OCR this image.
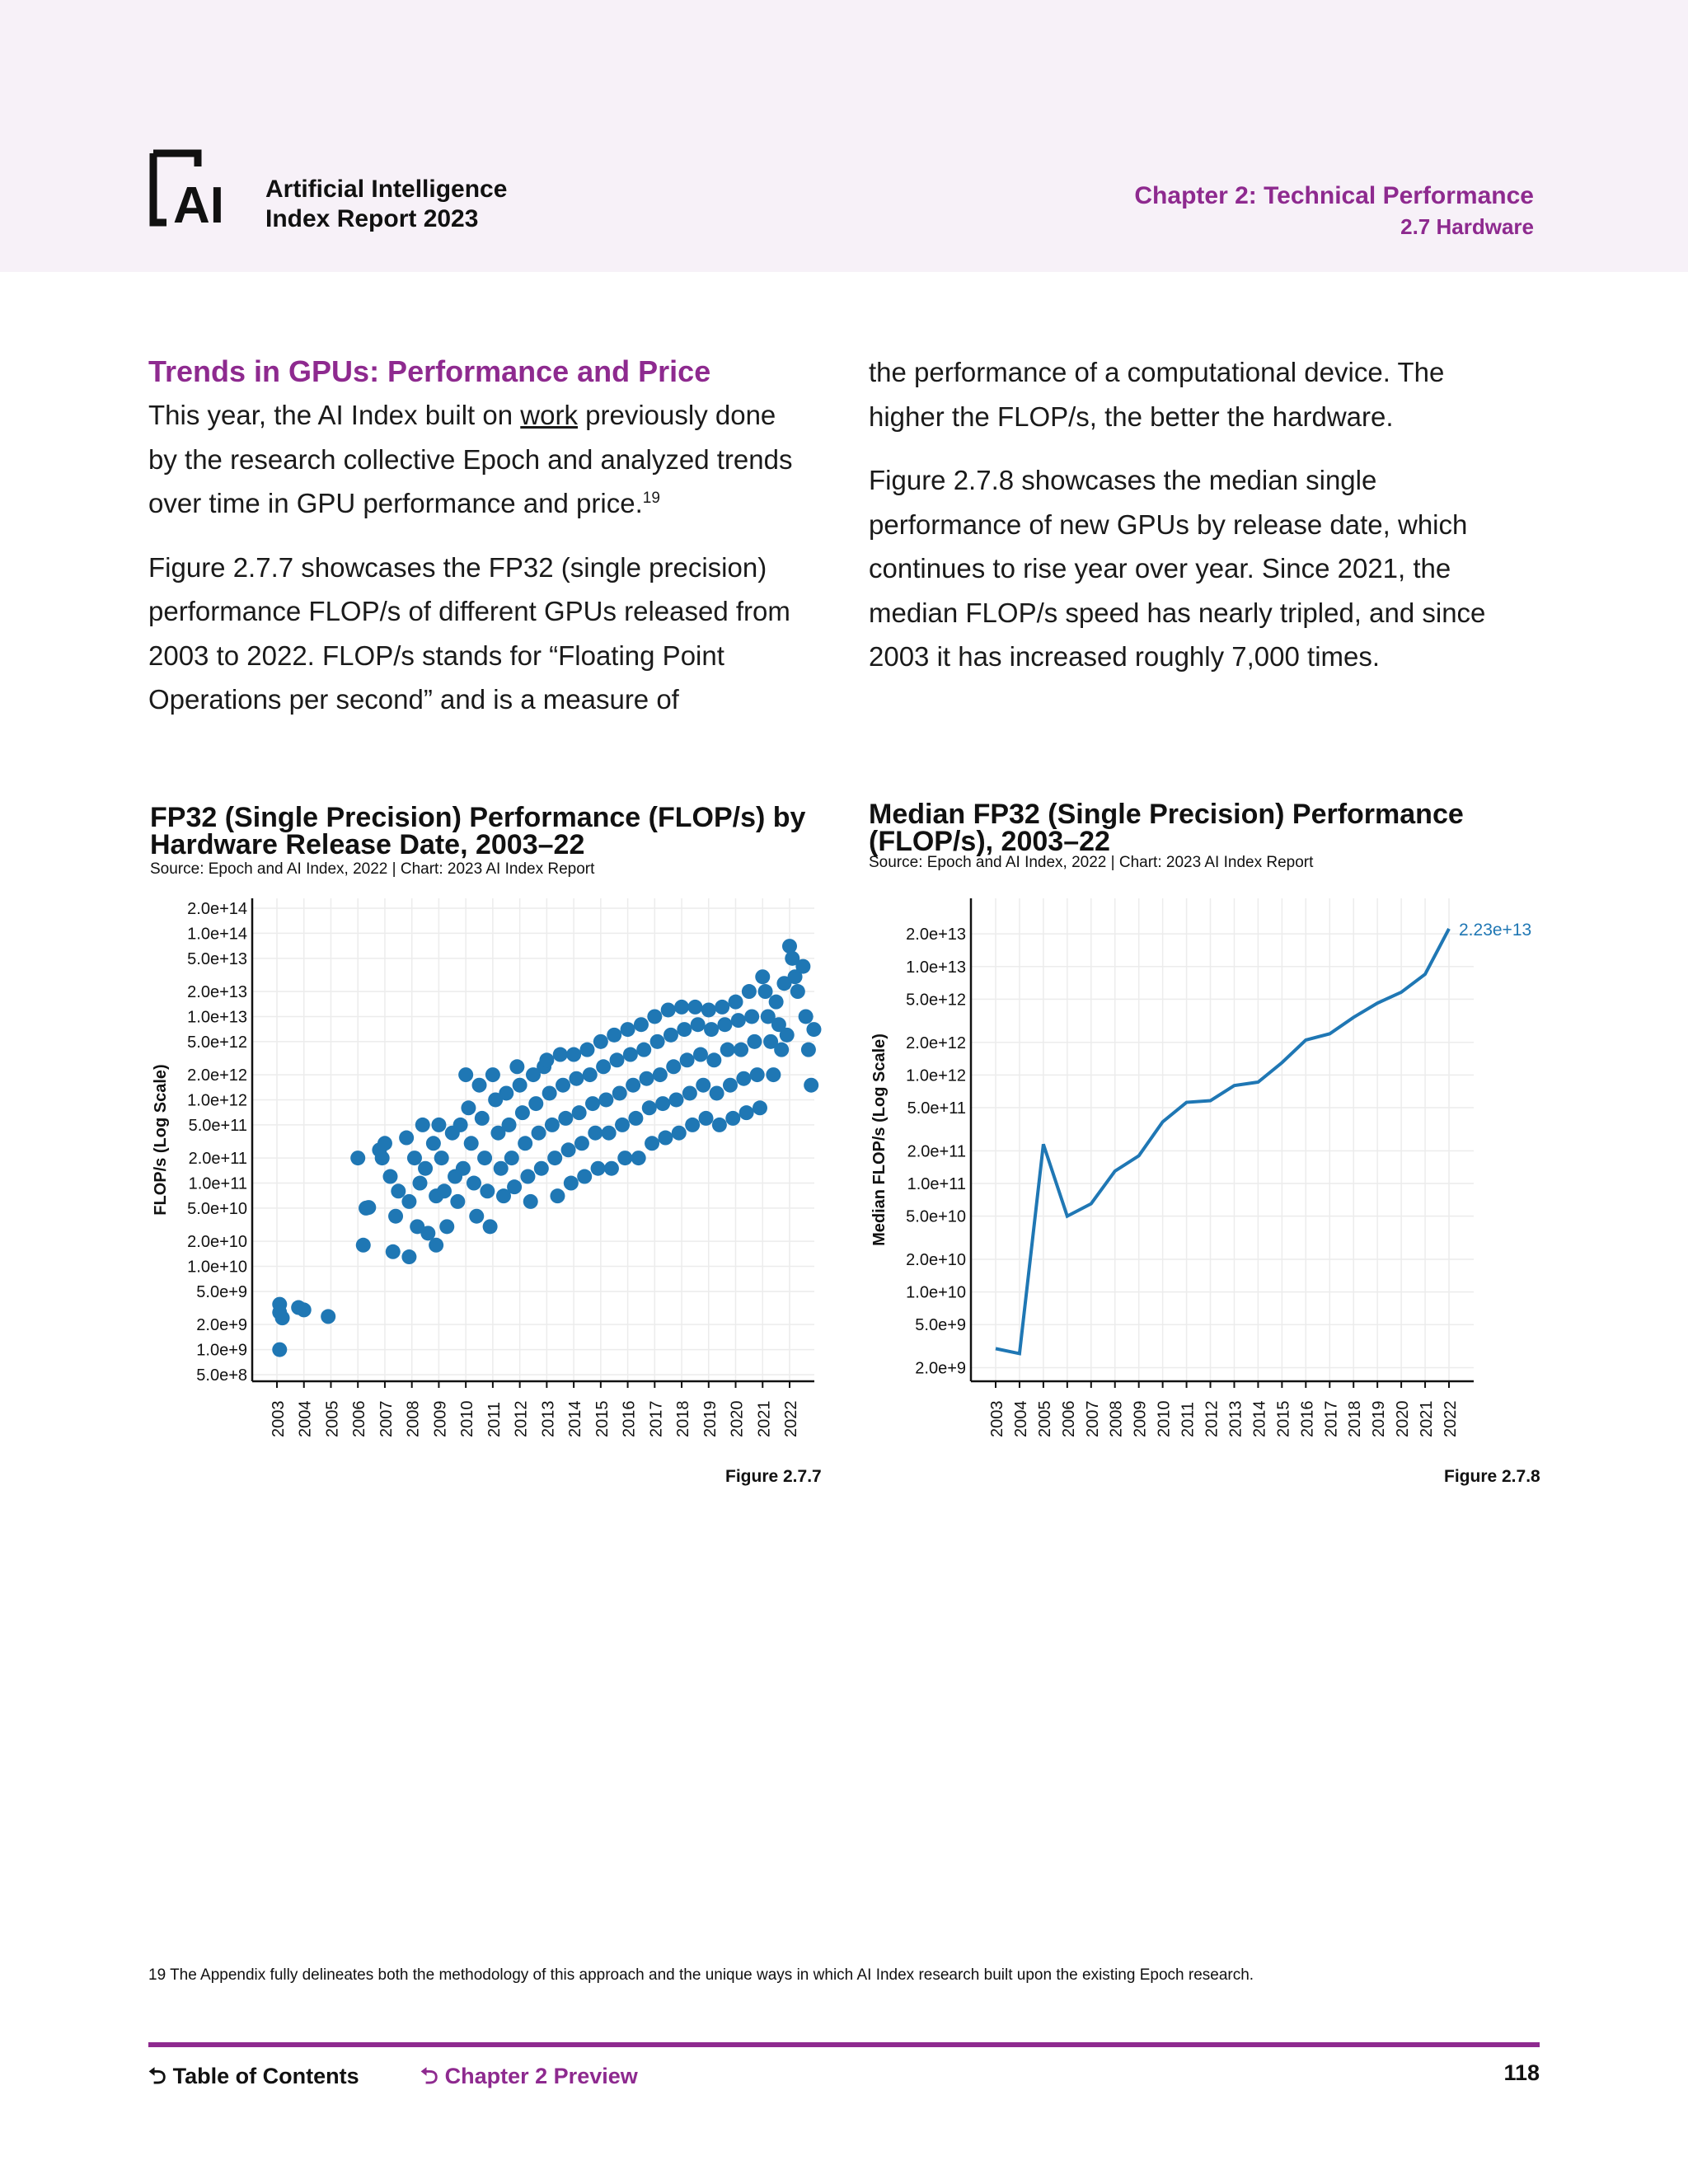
AI Artificial Intelligence
Index Report 2023
Chapter 2: Technical Performance
2.7 Hardware
Trends in GPUs: Performance and Price

This year, the AI Index built on work previously done by the research collective Epoch and analyzed trends over time in GPU performance and price.$^{19}$

Figure 2.7.7 showcases the FP32 (single precision) performance FLOP/s of different GPUs released from 2003 to 2022. FLOP/s stands for “Floating Point Operations per second” and is a measure of

the performance of a computational device. The higher the FLOP/s, the better the hardware.

Figure 2.7.8 showcases the median single performance of new GPUs by release date, which continues to rise year over year. Since 2021, the median FLOP/s speed has nearly tripled, and since 2003 it has increased roughly 7,000 times.

FP32 (Single Precision) Performance (FLOP/s) by Hardware Release Date, 2003–22
Source: Epoch and AI Index, 2022 | Chart: 2023 AI Index Report
2.0e+14
1.0e+14
5.0e+13
2.0e+13
1.0e+13
5.0e+12
2.0e+12
1.0e+12
5.0e+11
2.0e+11
1.0e+11
5.0e+10
2.0e+10
1.0e+10
5.0e+9
2.0e+9
1.0e+9
5.0e+8
2003 2004 2005 2006 2007 2008 2009 2010 2011 2012 2013 2014 2015 2016 2017 2018 2019 2020 2021 2022
FLOP/s (Log Scale)
Figure 2.7.7
Median FP32 (Single Precision) Performance (FLOP/s), 2003–22
Source: Epoch and AI Index, 2022 | Chart: 2023 AI Index Report
2.0e+13
1.0e+13
5.0e+12
2.0e+12
1.0e+12
5.0e+11
2.0e+11
1.0e+11
5.0e+10
2.0e+10
1.0e+10
5.0e+9
2.0e+9
2003 2004 2005 2006 2007 2008 2009 2010 2011 2012 2013 2014 2015 2016 2017 2018 2019 2020 2021 2022
Median FLOP/s (Log Scale)
2.23e+13
Figure 2.7.8
19 The Appendix fully delineates both the methodology of this approach and the unique ways in which AI Index research built upon the existing Epoch research.
⮌ Table of Contents	⮌ Chapter 2 Preview	118
